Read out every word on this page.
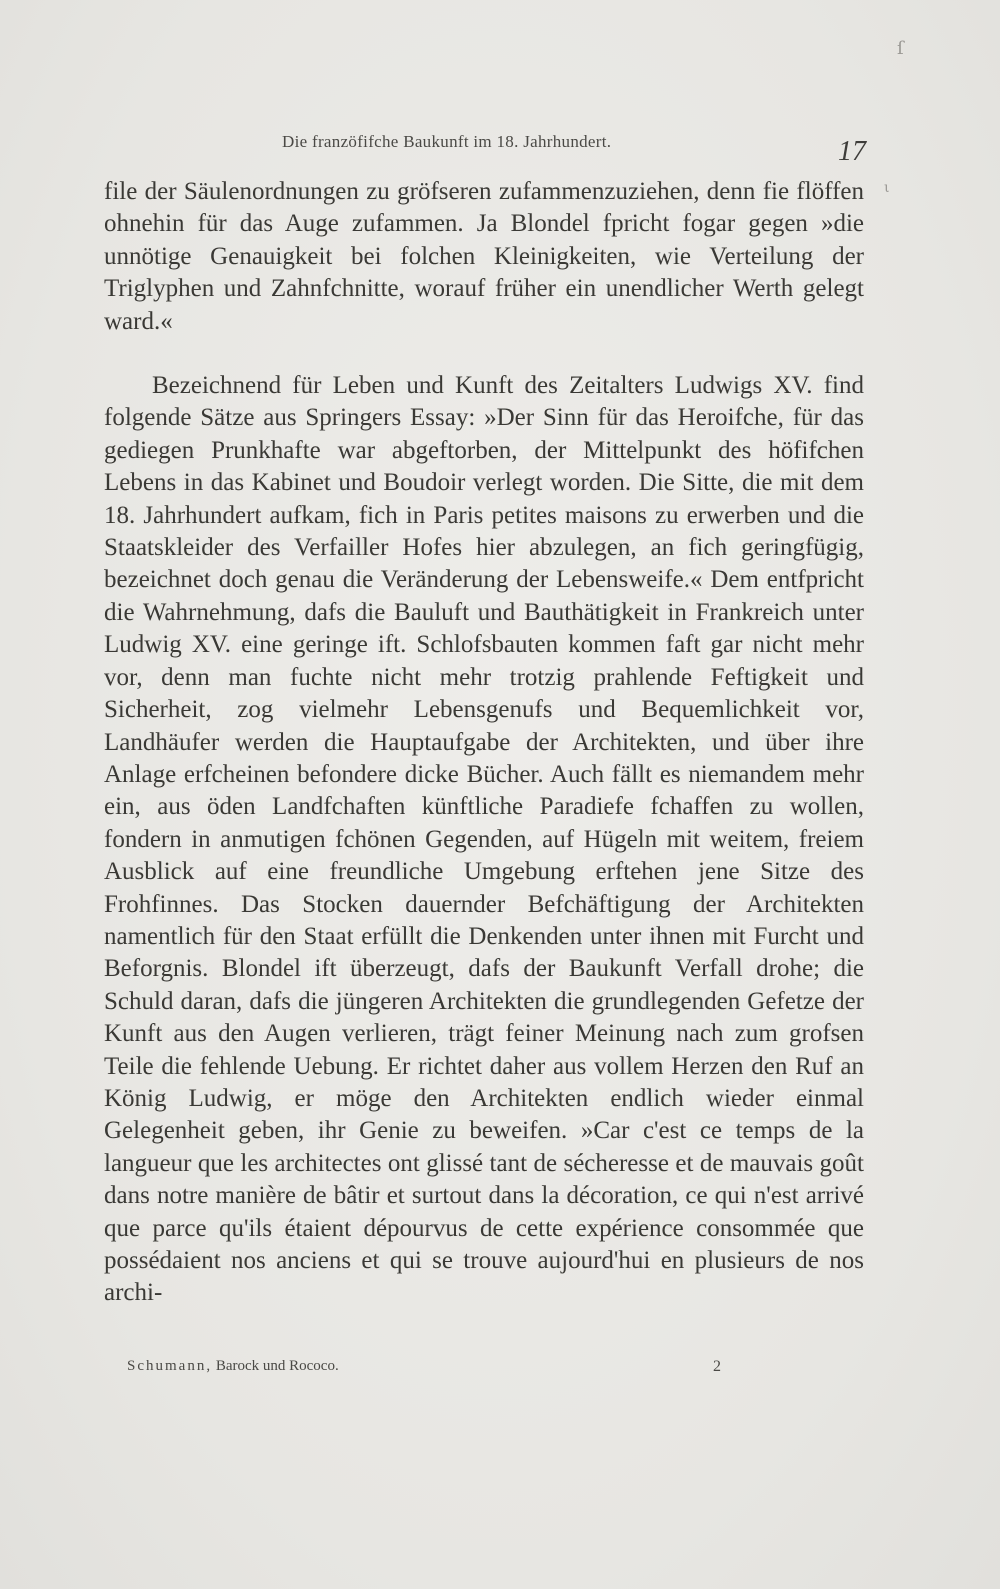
Die franzöfifche Baukunft im 18. Jahrhundert.	17
ſ
ι

file der Säulenordnungen zu gröfseren zufammenzuziehen, denn fie flöffen ohnehin für das Auge zufammen. Ja Blondel fpricht fogar gegen »die unnötige Genauigkeit bei folchen Kleinigkeiten, wie Verteilung der Triglyphen und Zahnfchnitte, worauf früher ein unendlicher Werth gelegt ward.«

Bezeichnend für Leben und Kunft des Zeitalters Ludwigs XV. find folgende Sätze aus Springers Essay: »Der Sinn für das Heroifche, für das gediegen Prunkhafte war abgeftorben, der Mittelpunkt des höfifchen Lebens in das Kabinet und Boudoir verlegt worden. Die Sitte, die mit dem 18. Jahrhundert aufkam, fich in Paris petites maisons zu erwerben und die Staatskleider des Verfailler Hofes hier abzulegen, an fich geringfügig, bezeichnet doch genau die Veränderung der Lebensweife.« Dem entfpricht die Wahrnehmung, dafs die Bauluft und Bauthätigkeit in Frankreich unter Ludwig XV. eine geringe ift. Schlofsbauten kommen faft gar nicht mehr vor, denn man fuchte nicht mehr trotzig prahlende Feftigkeit und Sicherheit, zog vielmehr Lebensgenufs und Bequemlichkeit vor, Landhäufer werden die Hauptaufgabe der Architekten, und über ihre Anlage erfcheinen befondere dicke Bücher. Auch fällt es niemandem mehr ein, aus öden Landfchaften künftliche Paradiefe fchaffen zu wollen, fondern in anmutigen fchönen Gegenden, auf Hügeln mit weitem, freiem Ausblick auf eine freundliche Umgebung erftehen jene Sitze des Frohfinnes. Das Stocken dauernder Befchäftigung der Architekten namentlich für den Staat erfüllt die Denkenden unter ihnen mit Furcht und Beforgnis. Blondel ift überzeugt, dafs der Baukunft Verfall drohe; die Schuld daran, dafs die jüngeren Architekten die grundlegenden Gefetze der Kunft aus den Augen verlieren, trägt feiner Meinung nach zum grofsen Teile die fehlende Uebung. Er richtet daher aus vollem Herzen den Ruf an König Ludwig, er möge den Architekten endlich wieder einmal Gelegenheit geben, ihr Genie zu beweifen. »Car c'est ce temps de la langueur que les architectes ont glissé tant de sécheresse et de mauvais goût dans notre manière de bâtir et surtout dans la décoration, ce qui n'est arrivé que parce qu'ils étaient dépourvus de cette expérience consommée que possédaient nos anciens et qui se trouve aujourd'hui en plusieurs de nos archi-

Schumann, Barock und Rococo.	2
